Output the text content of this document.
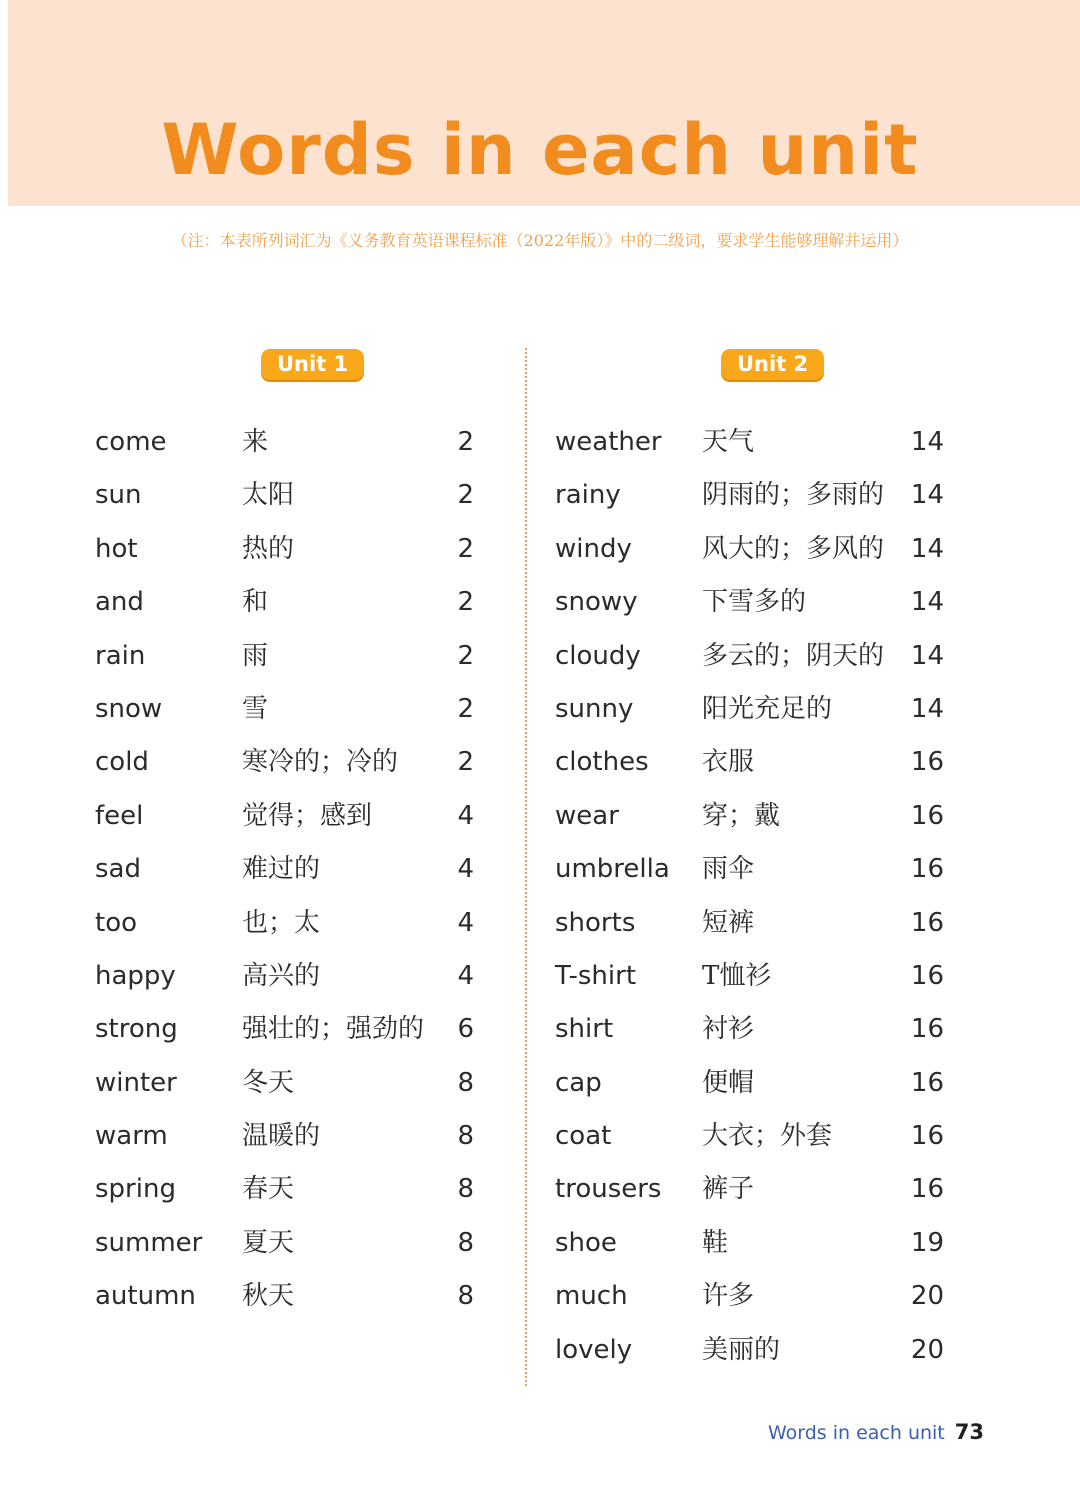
Words in each unit
（注：本表所列词汇为《义务教育英语课程标准（2022年版）》中的二级词，要求学生能够理解并运用）
Unit 1	Unit 2
come	来	2
sun	太阳	2
hot	热的	2
and	和	2
rain	雨	2
snow	雪	2
cold	寒冷的；冷的	2
feel	觉得；感到	4
sad	难过的	4
too	也；太	4
happy	高兴的	4
strong 强壮的；强劲的	6
winter	冬天	8
warm	温暖的	8
spring	春天	8
summer 夏天	8
autumn 秋天	8
weather 天气	14
rainy	阴雨的；多雨的	14
windy	风大的；多风的	14
snowy 下雪多的	14
cloudy 多云的；阴天的	14
sunny	阳光充足的	14
clothes 衣服	16
wear	穿；戴	16
umbrella 雨伞	16
shorts	短裤	16
T-shirt	T恤衫	16
shirt	衬衫	16
cap	便帽	16
coat	大衣；外套	16
trousers 裤子	16
shoe	鞋	19
much	许多	20
lovely	美丽的	20
Words in each unit 73
